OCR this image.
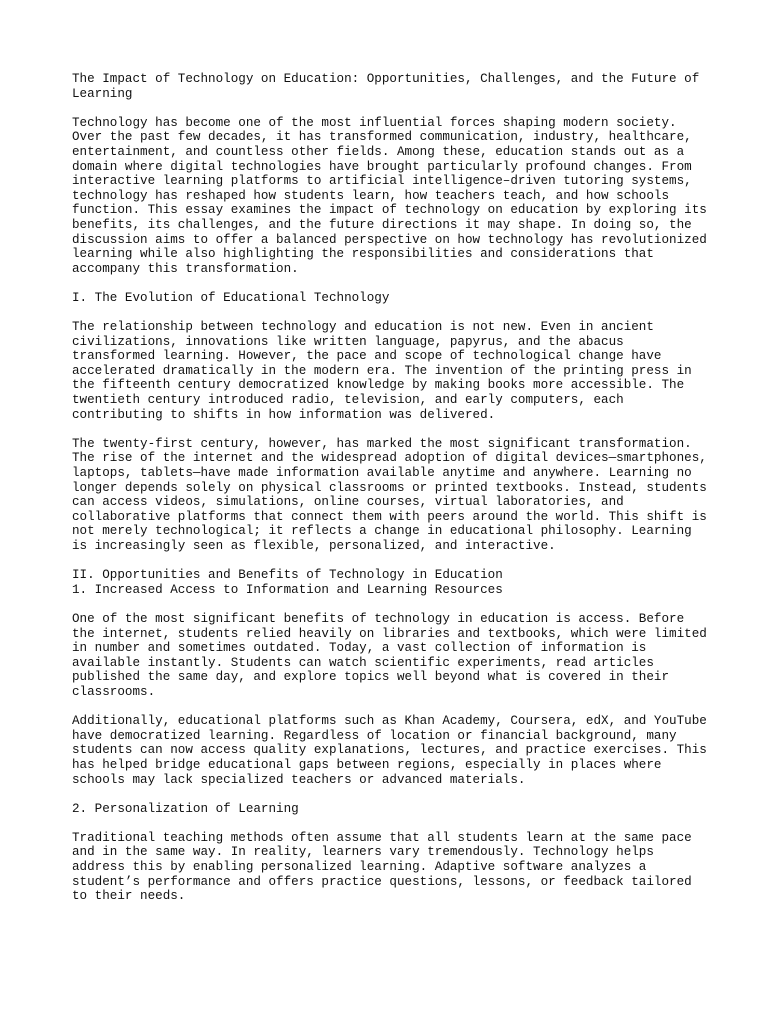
The Impact of Technology on Education: Opportunities, Challenges, and the Future of Learning

Technology has become one of the most influential forces shaping modern society. Over the past few decades, it has transformed communication, industry, healthcare, entertainment, and countless other fields. Among these, education stands out as a domain where digital technologies have brought particularly profound changes. From interactive learning platforms to artificial intelligence–driven tutoring systems, technology has reshaped how students learn, how teachers teach, and how schools function. This essay examines the impact of technology on education by exploring its benefits, its challenges, and the future directions it may shape. In doing so, the discussion aims to offer a balanced perspective on how technology has revolutionized learning while also highlighting the responsibilities and considerations that accompany this transformation.

I. The Evolution of Educational Technology

The relationship between technology and education is not new. Even in ancient civilizations, innovations like written language, papyrus, and the abacus transformed learning. However, the pace and scope of technological change have accelerated dramatically in the modern era. The invention of the printing press in the fifteenth century democratized knowledge by making books more accessible. The twentieth century introduced radio, television, and early computers, each contributing to shifts in how information was delivered.

The twenty-first century, however, has marked the most significant transformation. The rise of the internet and the widespread adoption of digital devices—smartphones, laptops, tablets—have made information available anytime and anywhere. Learning no longer depends solely on physical classrooms or printed textbooks. Instead, students can access videos, simulations, online courses, virtual laboratories, and collaborative platforms that connect them with peers around the world. This shift is not merely technological; it reflects a change in educational philosophy. Learning is increasingly seen as flexible, personalized, and interactive.

II. Opportunities and Benefits of Technology in Education
1. Increased Access to Information and Learning Resources

One of the most significant benefits of technology in education is access. Before the internet, students relied heavily on libraries and textbooks, which were limited in number and sometimes outdated. Today, a vast collection of information is available instantly. Students can watch scientific experiments, read articles published the same day, and explore topics well beyond what is covered in their classrooms.

Additionally, educational platforms such as Khan Academy, Coursera, edX, and YouTube have democratized learning. Regardless of location or financial background, many students can now access quality explanations, lectures, and practice exercises. This has helped bridge educational gaps between regions, especially in places where schools may lack specialized teachers or advanced materials.

2. Personalization of Learning

Traditional teaching methods often assume that all students learn at the same pace and in the same way. In reality, learners vary tremendously. Technology helps address this by enabling personalized learning. Adaptive software analyzes a student’s performance and offers practice questions, lessons, or feedback tailored to their needs.
